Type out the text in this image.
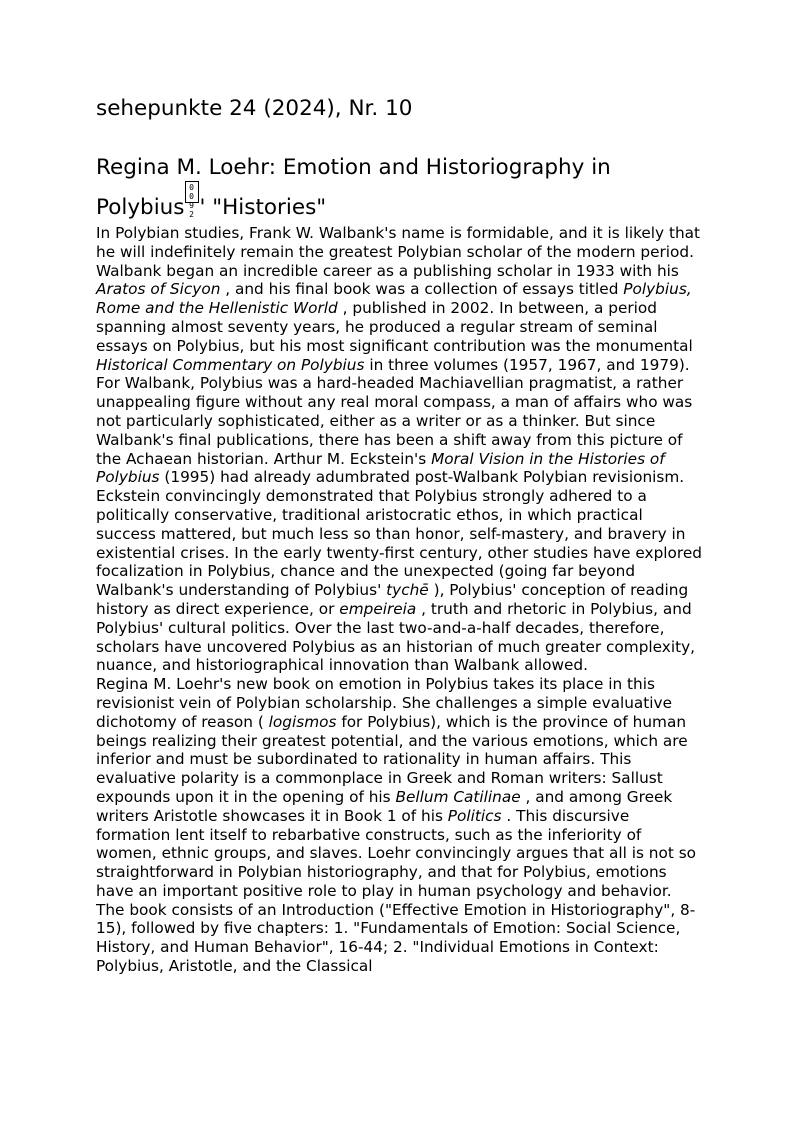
sehepunkte 24 (2024), Nr. 10
Regina M. Loehr: Emotion and Historiography in Polybius0 0
9 2 ' "Histories"

In Polybian studies, Frank W. Walbank's name is formidable, and it is likely that he will indefinitely remain the greatest Polybian scholar of the modern period. Walbank began an incredible career as a publishing scholar in 1933 with his Aratos of Sicyon , and his final book was a collection of essays titled Polybius, Rome and the Hellenistic World , published in 2002. In between, a period spanning almost seventy years, he produced a regular stream of seminal essays on Polybius, but his most significant contribution was the monumental Historical Commentary on Polybius in three volumes (1957, 1967, and 1979).

For Walbank, Polybius was a hard-headed Machiavellian pragmatist, a rather unappealing figure without any real moral compass, a man of affairs who was not particularly sophisticated, either as a writer or as a thinker. But since Walbank's final publications, there has been a shift away from this picture of the Achaean historian. Arthur M. Eckstein's Moral Vision in the Histories of Polybius (1995) had already adumbrated post-Walbank Polybian revisionism. Eckstein convincingly demonstrated that Polybius strongly adhered to a politically conservative, traditional aristocratic ethos, in which practical success mattered, but much less so than honor, self-mastery, and bravery in existential crises. In the early twenty-first century, other studies have explored focalization in Polybius, chance and the unexpected (going far beyond Walbank's understanding of Polybius' tychē ), Polybius' conception of reading history as direct experience, or empeireia , truth and rhetoric in Polybius, and Polybius' cultural politics. Over the last two-and-a-half decades, therefore, scholars have uncovered Polybius as an historian of much greater complexity, nuance, and historiographical innovation than Walbank allowed.

Regina M. Loehr's new book on emotion in Polybius takes its place in this revisionist vein of Polybian scholarship. She challenges a simple evaluative dichotomy of reason ( logismos for Polybius), which is the province of human beings realizing their greatest potential, and the various emotions, which are inferior and must be subordinated to rationality in human affairs. This evaluative polarity is a commonplace in Greek and Roman writers: Sallust expounds upon it in the opening of his Bellum Catilinae , and among Greek writers Aristotle showcases it in Book 1 of his Politics . This discursive formation lent itself to rebarbative constructs, such as the inferiority of women, ethnic groups, and slaves. Loehr convincingly argues that all is not so straightforward in Polybian historiography, and that for Polybius, emotions have an important positive role to play in human psychology and behavior.

The book consists of an Introduction ("Effective Emotion in Historiography", 8-15), followed by five chapters: 1. "Fundamentals of Emotion: Social Science, History, and Human Behavior", 16-44; 2. "Individual Emotions in Context: Polybius, Aristotle, and the Classical
